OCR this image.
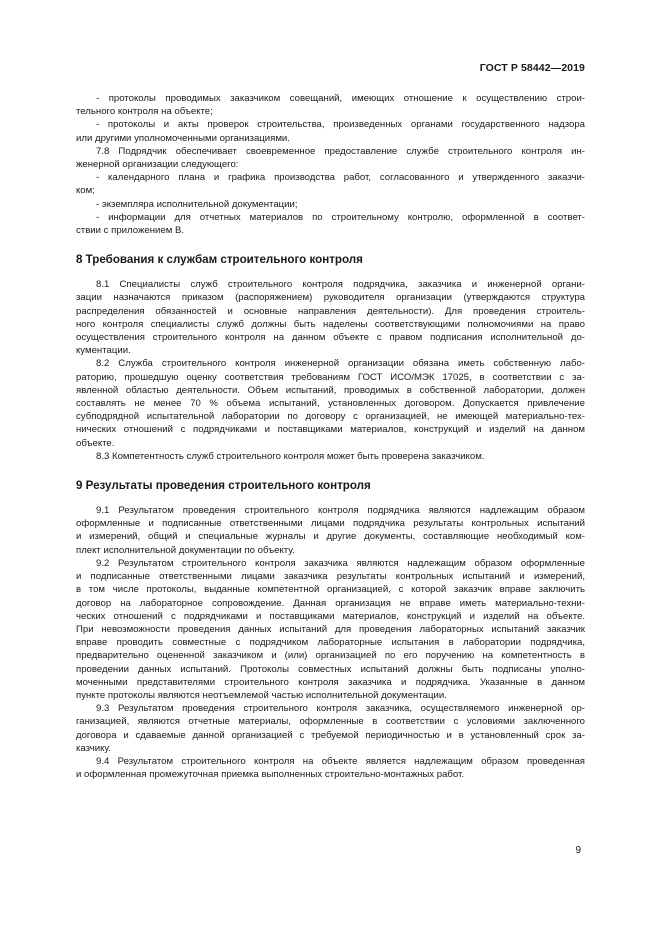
ГОСТ Р 58442—2019
- протоколы проводимых заказчиком совещаний, имеющих отношение к осуществлению строи-
тельного контроля на объекте;
- протоколы и акты проверок строительства, произведенных органами государственного надзора
или другими уполномоченными организациями.
7.8 Подрядчик обеспечивает своевременное предоставление службе строительного контроля ин-
женерной организации следующего:
- календарного плана и графика производства работ, согласованного и утвержденного заказчи-
ком;
- экземпляра исполнительной документации;
- информации для отчетных материалов по строительному контролю, оформленной в соответ-
ствии с приложением В.
8 Требования к службам строительного контроля
8.1 Специалисты служб строительного контроля подрядчика, заказчика и инженерной органи-
зации назначаются приказом (распоряжением) руководителя организации (утверждаются структура
распределения обязанностей и основные направления деятельности). Для проведения строитель-
ного контроля специалисты служб должны быть наделены соответствующими полномочиями на право
осуществления строительного контроля на данном объекте с правом подписания исполнительной до-
кументации.
8.2 Служба строительного контроля инженерной организации обязана иметь собственную лабо-
раторию, прошедшую оценку соответствия требованиям ГОСТ ИСО/МЭК 17025, в соответствии с за-
явленной областью деятельности. Объем испытаний, проводимых в собственной лаборатории, должен
составлять не менее 70 % объема испытаний, установленных договором. Допускается привлечение
субподрядной испытательной лаборатории по договору с организацией, не имеющей материально-тех-
нических отношений с подрядчиками и поставщиками материалов, конструкций и изделий на данном
объекте.
8.3 Компетентность служб строительного контроля может быть проверена заказчиком.
9 Результаты проведения строительного контроля
9.1 Результатом проведения строительного контроля подрядчика являются надлежащим образом
оформленные и подписанные ответственными лицами подрядчика результаты контрольных испытаний
и измерений, общий и специальные журналы и другие документы, составляющие необходимый ком-
плект исполнительной документации по объекту.
9.2 Результатом строительного контроля заказчика являются надлежащим образом оформленные
и подписанные ответственными лицами заказчика результаты контрольных испытаний и измерений,
в том числе протоколы, выданные компетентной организацией, с которой заказчик вправе заключить
договор на лабораторное сопровождение. Данная организация не вправе иметь материально-техни-
ческих отношений с подрядчиками и поставщиками материалов, конструкций и изделий на объекте.
При невозможности проведения данных испытаний для проведения лабораторных испытаний заказчик
вправе проводить совместные с подрядчиком лабораторные испытания в лаборатории подрядчика,
предварительно оцененной заказчиком и (или) организацией по его поручению на компетентность в
проведении данных испытаний. Протоколы совместных испытаний должны быть подписаны уполно-
моченными представителями строительного контроля заказчика и подрядчика. Указанные в данном
пункте протоколы являются неотъемлемой частью исполнительной документации.
9.3 Результатом проведения строительного контроля заказчика, осуществляемого инженерной ор-
ганизацией, являются отчетные материалы, оформленные в соответствии с условиями заключенного
договора и сдаваемые данной организацией с требуемой периодичностью и в установленный срок за-
казчику.
9.4 Результатом строительного контроля на объекте является надлежащим образом проведенная
и оформленная промежуточная приемка выполненных строительно-монтажных работ.
9
